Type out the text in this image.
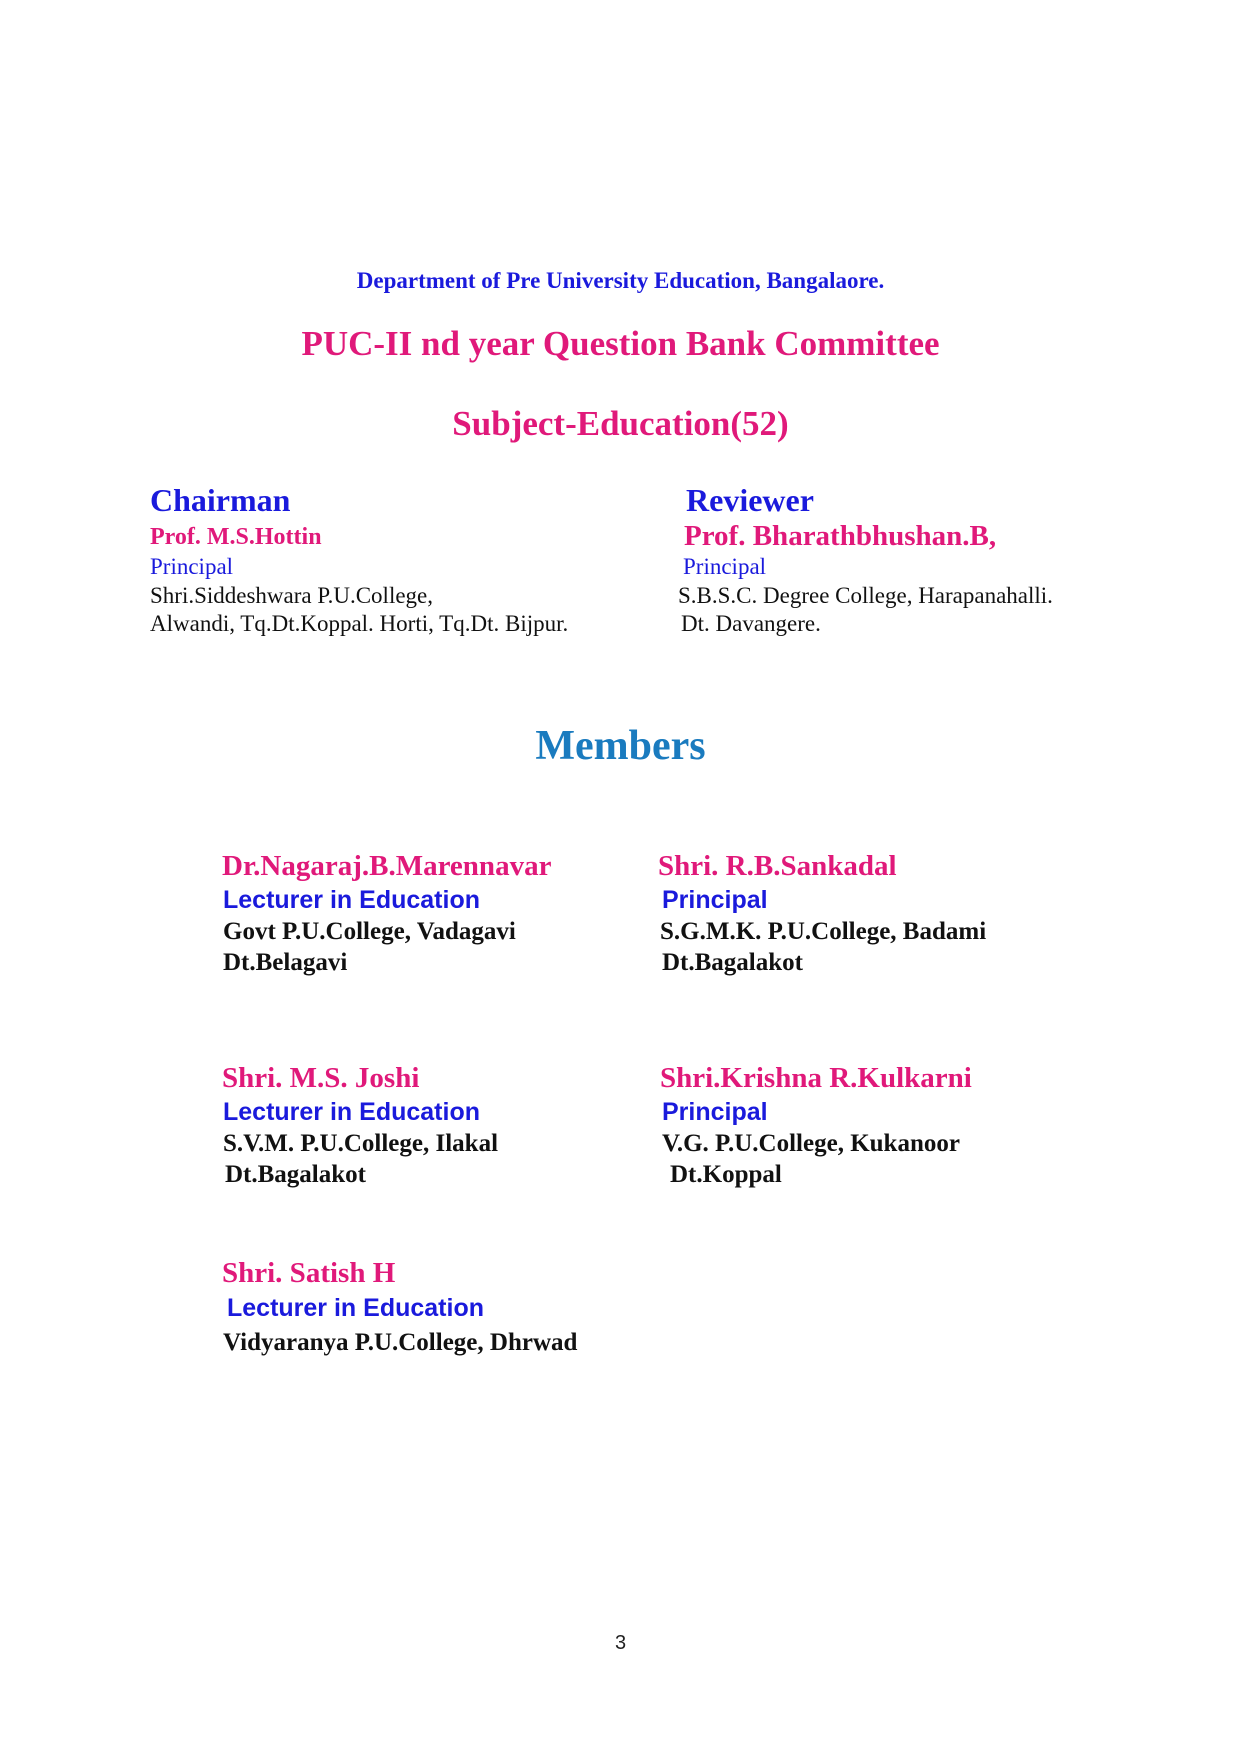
Department of Pre University Education, Bangalaore.
PUC-II nd year Question Bank Committee
Subject-Education(52)
Chairman
Prof. M.S.Hottin
Principal
Shri.Siddeshwara P.U.College,
Alwandi, Tq.Dt.Koppal. Horti, Tq.Dt. Bijpur.
Reviewer
Prof. Bharathbhushan.B,
Principal
S.B.S.C. Degree College, Harapanahalli.
Dt. Davangere.
Members
Dr.Nagaraj.B.Marennavar
Lecturer in Education
Govt P.U.College, Vadagavi
Dt.Belagavi
Shri. R.B.Sankadal
Principal
S.G.M.K. P.U.College, Badami
Dt.Bagalakot
Shri. M.S. Joshi
Lecturer in Education
S.V.M. P.U.College, Ilakal
Dt.Bagalakot
Shri.Krishna R.Kulkarni
Principal
V.G. P.U.College, Kukanoor
Dt.Koppal
Shri. Satish H
Lecturer in Education
Vidyaranya P.U.College, Dhrwad
3
